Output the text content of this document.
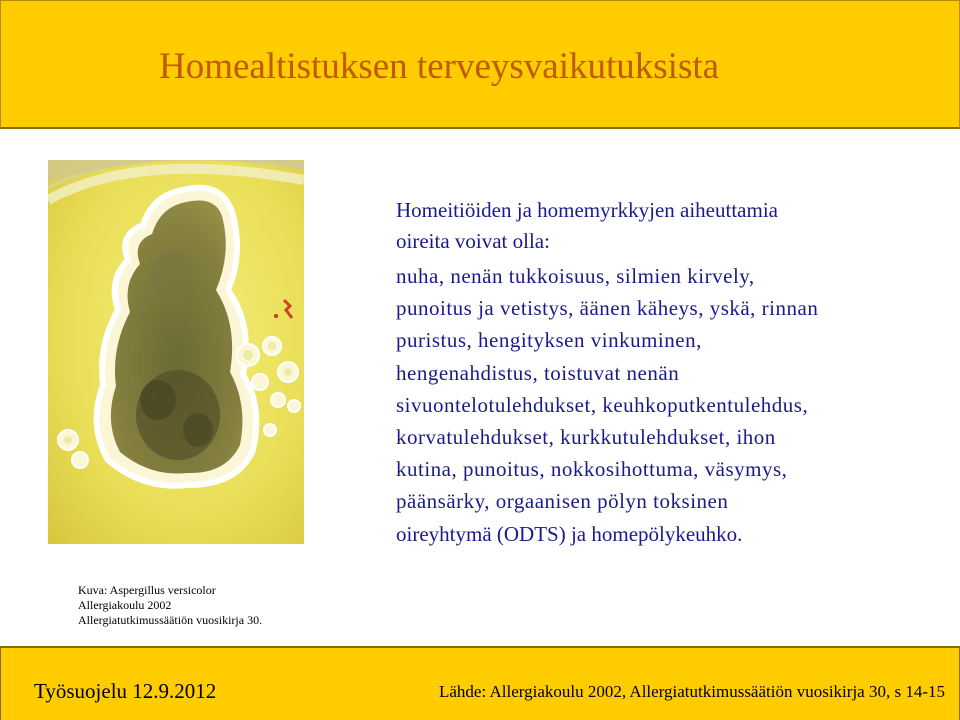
Homealtistuksen terveysvaikutuksista
Kuva: Aspergillus versicolor
Allergiakoulu 2002
Allergiatutkimussäätiön vuosikirja 30.
Homeitiöiden ja homemyrkkyjen aiheuttamia
oireita voivat olla:
nuha, nenän tukkoisuus, silmien kirvely,
punoitus ja vetistys, äänen käheys, yskä, rinnan
puristus, hengityksen vinkuminen,
hengenahdistus, toistuvat nenän
sivuontelotulehdukset, keuhkoputkentulehdus,
korvatulehdukset, kurkkutulehdukset, ihon
kutina, punoitus, nokkosihottuma, väsymys,
päänsärky, orgaanisen pölyn toksinen
oireyhtymä (ODTS) ja homepölykeuhko.
Työsuojelu 12.9.2012	Lähde: Allergiakoulu 2002, Allergiatutkimussäätiön vuosikirja 30, s 14-15
